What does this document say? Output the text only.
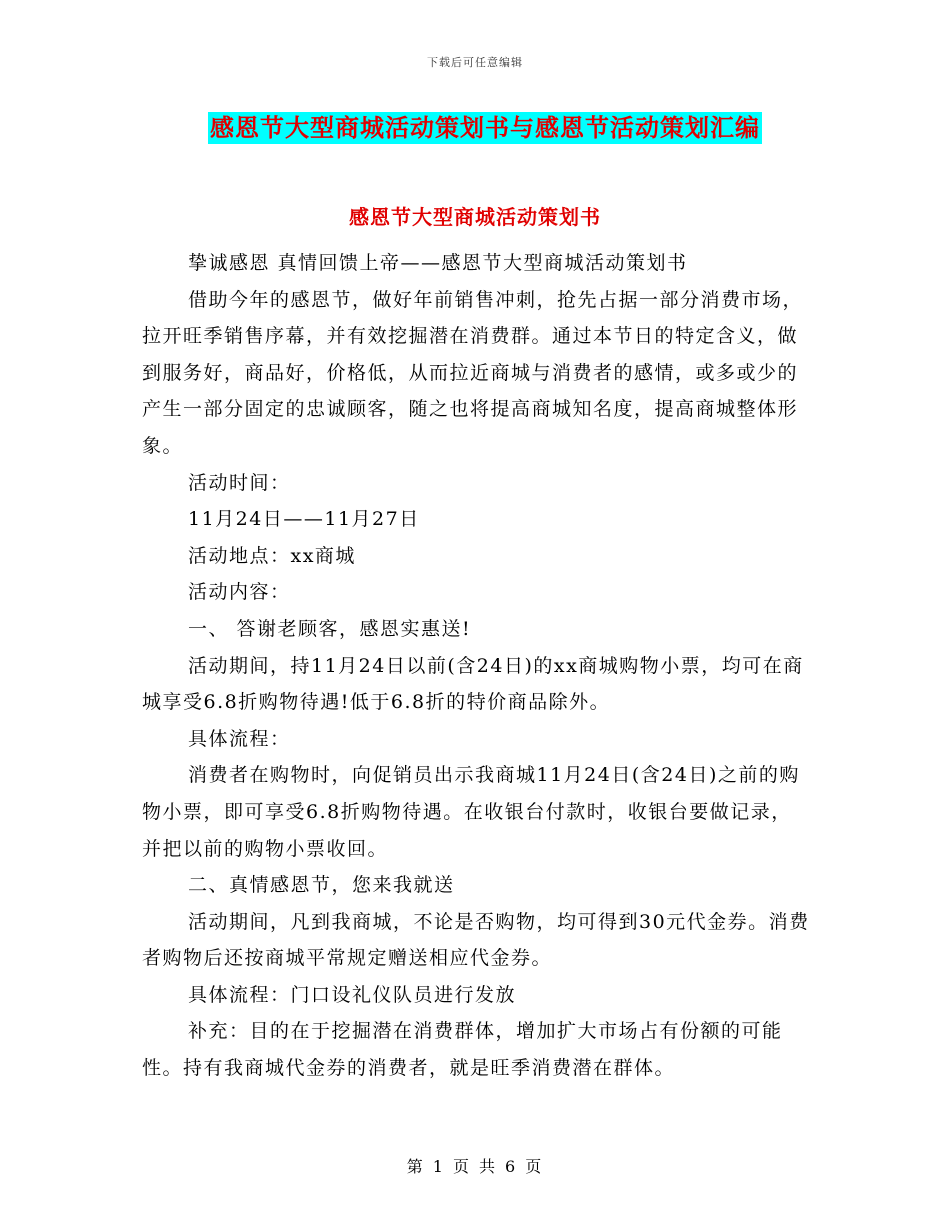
下载后可任意编辑
感恩节大型商城活动策划书与感恩节活动策划汇编
感恩节大型商城活动策划书

挚诚感恩 真情回馈上帝——感恩节大型商城活动策划书

借助今年的感恩节，做好年前销售冲刺，抢先占据一部分消费市场，拉开旺季销售序幕，并有效挖掘潜在消费群。通过本节日的特定含义，做到服务好，商品好，价格低，从而拉近商城与消费者的感情，或多或少的产生一部分固定的忠诚顾客，随之也将提高商城知名度，提高商城整体形象。

活动时间：

11月24日——11月27日

活动地点：xx商城

活动内容：

一、 答谢老顾客，感恩实惠送!

活动期间，持11月24日以前(含24日)的xx商城购物小票，均可在商城享受6.8折购物待遇!低于6.8折的特价商品除外。

具体流程：

消费者在购物时，向促销员出示我商城11月24日(含24日)之前的购物小票，即可享受6.8折购物待遇。在收银台付款时，收银台要做记录，并把以前的购物小票收回。

二、真情感恩节，您来我就送

活动期间，凡到我商城，不论是否购物，均可得到30元代金券。消费者购物后还按商城平常规定赠送相应代金券。

具体流程：门口设礼仪队员进行发放

补充：目的在于挖掘潜在消费群体，增加扩大市场占有份额的可能性。持有我商城代金券的消费者，就是旺季消费潜在群体。

第 1 页 共 6 页
